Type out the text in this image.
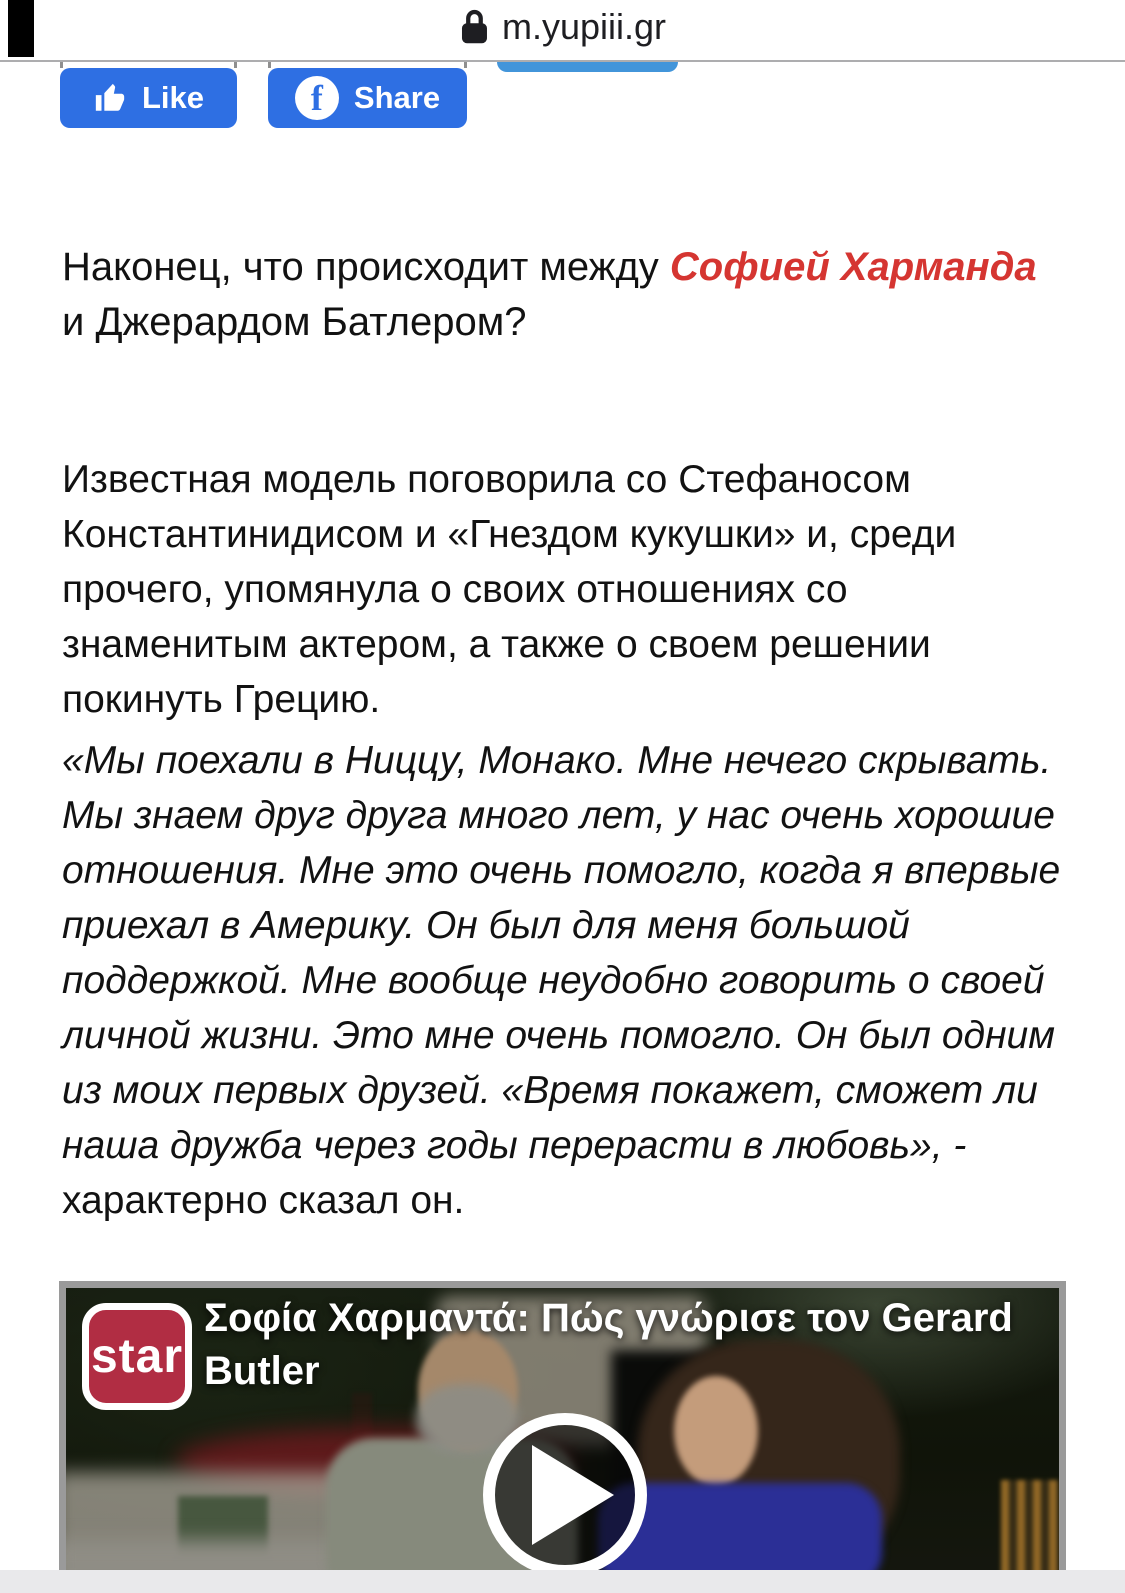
m.yupiii.gr
Like	f Share

Наконец, что происходит между Софией Харманда и Джерардом Батлером?

Известная модель поговорила со Стефаносом Константинидисом и «Гнездом кукушки» и, среди прочего, упомянула о своих отношениях со знаменитым актером, а также о своем решении покинуть Грецию.

«Мы поехали в Ниццу, Монако. Мне нечего скрывать. Мы знаем друг друга много лет, у нас очень хорошие отношения. Мне это очень помогло, когда я впервые приехал в Америку. Он был для меня большой поддержкой. Мне вообще неудобно говорить о своей личной жизни. Это мне очень помогло. Он был одним из моих первых друзей. «Время покажет, сможет ли наша дружба через годы перерасти в любовь», - характерно сказал он.

star
Σοφία Χαρμαντά: Πώς γνώρισε τον Gerard Butler
